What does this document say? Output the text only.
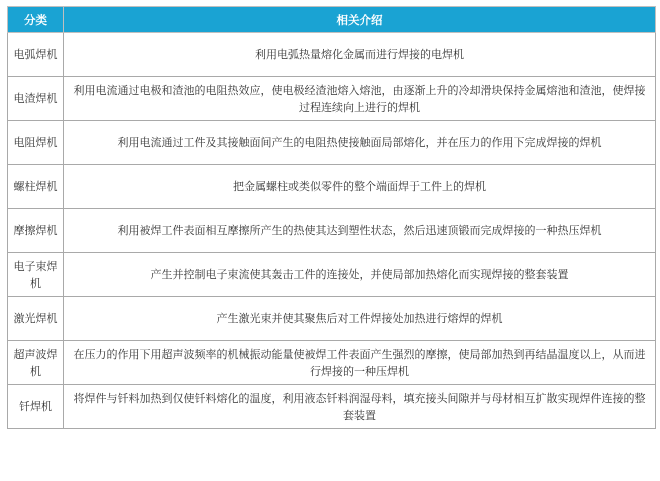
分类	相关介绍
电弧焊机	利用电弧热量熔化金属而进行焊接的电焊机
电渣焊机	利用电流通过电极和渣池的电阻热效应，使电极经渣池熔入熔池，由逐渐上升的冷却滑块保持金属熔池和渣池，使焊接过程连续向上进行的焊机
电阻焊机	利用电流通过工件及其接触面间产生的电阻热使接触面局部熔化，并在压力的作用下完成焊接的焊机
螺柱焊机	把金属螺柱或类似零件的整个端面焊于工件上的焊机
摩擦焊机	利用被焊工件表面相互摩擦所产生的热使其达到塑性状态，然后迅速顶锻而完成焊接的一种热压焊机
电子束焊机	产生并控制电子束流使其轰击工件的连接处，并使局部加热熔化而实现焊接的整套装置
激光焊机	产生激光束并使其聚焦后对工件焊接处加热进行熔焊的焊机
超声波焊机	在压力的作用下用超声波频率的机械振动能量使被焊工件表面产生强烈的摩擦，使局部加热到再结晶温度以上，从而进行焊接的一种压焊机
钎焊机	将焊件与钎料加热到仅使钎料熔化的温度，利用液态钎料润湿母料，填充接头间隙并与母材相互扩散实现焊件连接的整套装置
